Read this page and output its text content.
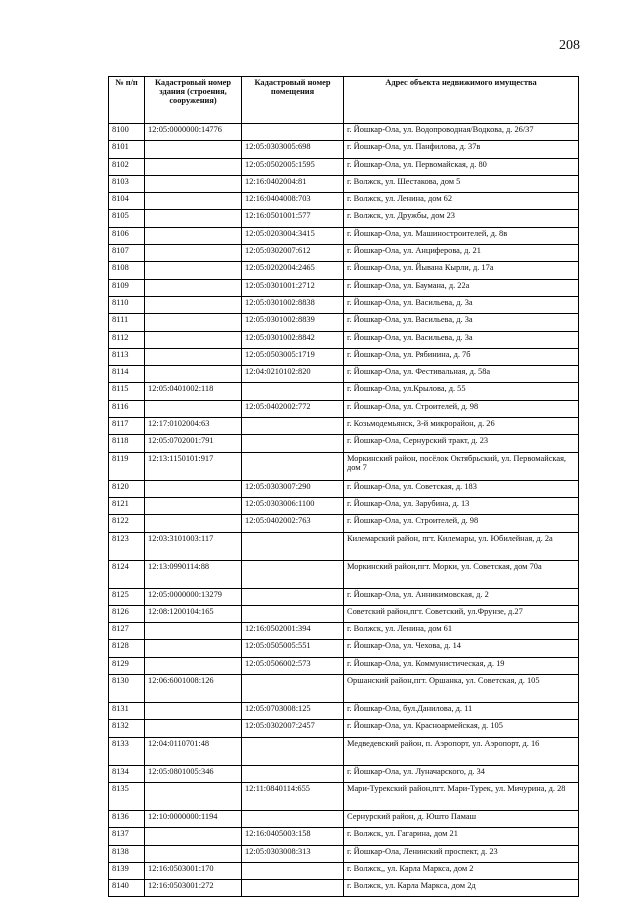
208
№ п/п	Кадастровый номер здания (строения, сооружения)	Кадастровый номер помещения	Адрес объекта недвижимого имущества
8100	12:05:0000000:14776		г. Йошкар-Ола, ул. Водопроводная/Водкова, д. 26/37
8101		12:05:0303005:698	г. Йошкар-Ола, ул. Панфилова, д. 37в
8102		12:05:0502005:1595	г. Йошкар-Ола, ул. Первомайская, д. 80
8103		12:16:0402004:81	г. Волжск, ул. Шестакова, дом 5
8104		12:16:0404008:703	г. Волжск, ул. Ленина, дом 62
8105		12:16:0501001:577	г. Волжск, ул. Дружбы, дом 23
8106		12:05:0203004:3415	г. Йошкар-Ола, ул. Машиностроителей, д. 8в
8107		12:05:0302007:612	г. Йошкар-Ола, ул. Анциферова, д. 21
8108		12:05:0202004:2465	г. Йошкар-Ола, ул. Йывана Кырли, д. 17а
8109		12:05:0301001:2712	г. Йошкар-Ола, ул. Баумана, д. 22а
8110		12:05:0301002:8838	г. Йошкар-Ола, ул. Васильева, д. 3а
8111		12:05:0301002:8839	г. Йошкар-Ола, ул. Васильева, д. 3а
8112		12:05:0301002:8842	г. Йошкар-Ола, ул. Васильева, д. 3а
8113		12:05:0503005:1719	г. Йошкар-Ола, ул. Рябинина, д. 7б
8114		12:04:0210102:820	г. Йошкар-Ола, ул. Фестивальная, д. 58а
8115	12:05:0401002:118		г. Йошкар-Ола, ул.Крылова, д. 55
8116		12:05:0402002:772	г. Йошкар-Ола, ул. Строителей, д. 98
8117	12:17:0102004:63		г. Козьмодемьянск, 3-й микрорайон, д. 26
8118	12:05:0702001:791		г. Йошкар-Ола, Сернурский тракт, д. 23
8119	12:13:1150101:917		Моркинский район, посёлок Октябрьский, ул. Первомайская, дом 7
8120		12:05:0303007:290	г. Йошкар-Ола, ул. Советская, д. 183
8121		12:05:0303006:1100	г. Йошкар-Ола, ул. Зарубина, д. 13
8122		12:05:0402002:763	г. Йошкар-Ола, ул. Строителей, д. 98
8123	12:03:3101003:117		Килемарский район, пгт. Килемары, ул. Юбилейная, д. 2а
8124	12:13:0990114:88		Моркинский район,пгт. Морки, ул. Советская, дом 70а
8125	12:05:0000000:13279		г. Йошкар-Ола, ул. Анникимовская, д. 2
8126	12:08:1200104:165		Советский район,пгт. Советский, ул.Фрунзе, д.27
8127		12:16:0502001:394	г. Волжск, ул. Ленина, дом 61
8128		12:05:0505005:551	г. Йошкар-Ола, ул. Чехова, д. 14
8129		12:05:0506002:573	г. Йошкар-Ола, ул. Коммунистическая, д. 19
8130	12:06:6001008:126		Оршанский район,пгт. Оршанка, ул. Советская, д. 105
8131		12:05:0703008:125	г. Йошкар-Ола, бул.Данилова, д. 11
8132		12:05:0302007:2457	г. Йошкар-Ола, ул. Красноармейская, д. 105
8133	12:04:0110701:48		Медведевский район, п. Аэропорт, ул. Аэропорт, д. 16
8134	12:05:0801005:346		г. Йошкар-Ола, ул. Луначарского, д. 34
8135		12:11:0840114:655	Мари-Турекский район,пгт. Мари-Турек, ул. Мичурина, д. 28
8136	12:10:0000000:1194		Сернурский район, д. Юшто Памаш
8137		12:16:0405003:158	г. Волжск, ул. Гагарина, дом 21
8138		12:05:0303008:313	г. Йошкар-Ола, Ленинский проспект, д. 23
8139	12:16:0503001:170		г. Волжск,, ул. Карла Маркса, дом 2
8140	12:16:0503001:272		г. Волжск, ул. Карла Маркса, дом 2д
